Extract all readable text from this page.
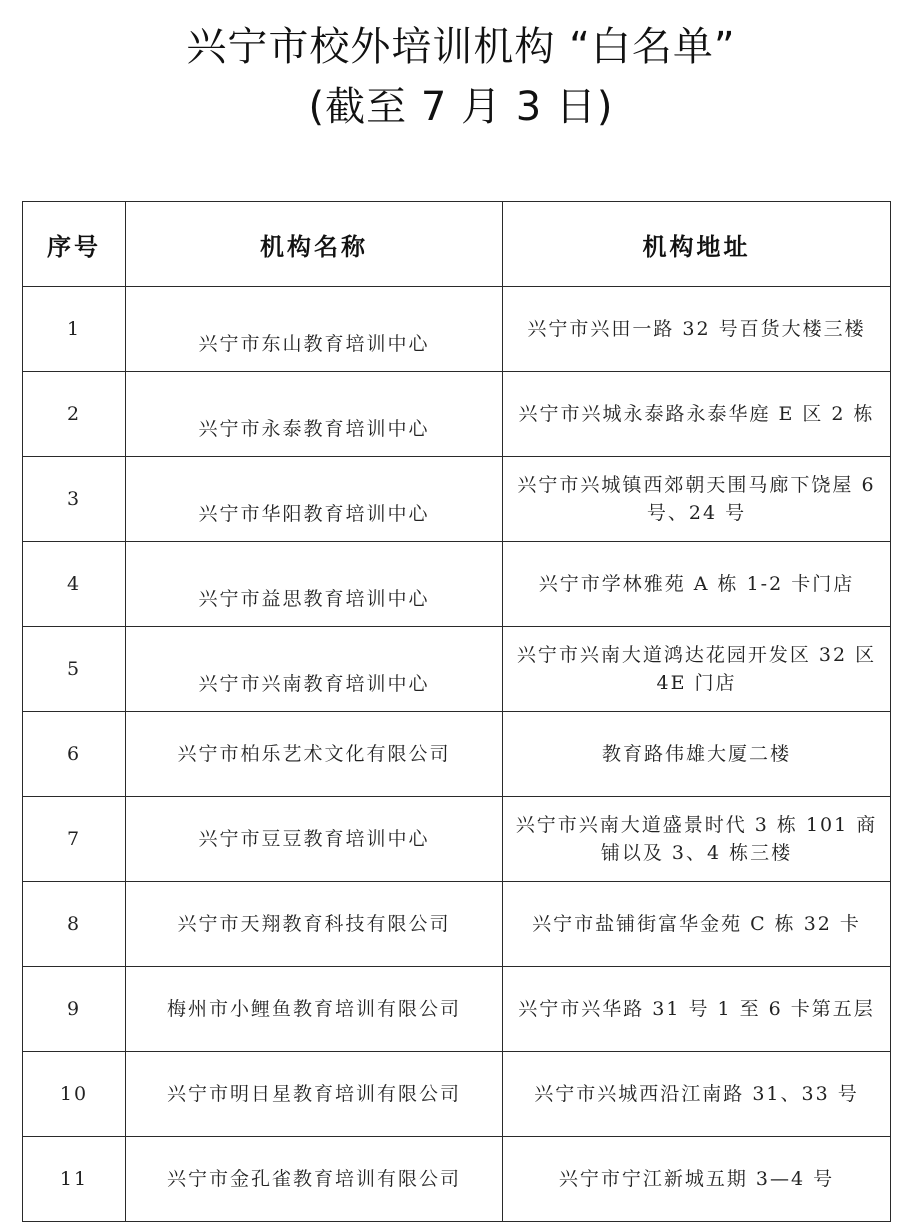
兴宁市校外培训机构 “白名单”
(截至 7 月 3 日)
序号	机构名称	机构地址
1	兴宁市东山教育培训中心	兴宁市兴田一路 32 号百货大楼三楼
2	兴宁市永泰教育培训中心	兴宁市兴城永泰路永泰华庭 E 区 2 栋
3	兴宁市华阳教育培训中心	兴宁市兴城镇西郊朝天围马廊下饶屋 6 号、24 号
4	兴宁市益思教育培训中心	兴宁市学林雅苑 A 栋 1-2 卡门店
5	兴宁市兴南教育培训中心	兴宁市兴南大道鸿达花园开发区 32 区 4E 门店
6	兴宁市柏乐艺术文化有限公司	教育路伟雄大厦二楼
7	兴宁市豆豆教育培训中心	兴宁市兴南大道盛景时代 3 栋 101 商铺以及 3、4 栋三楼
8	兴宁市天翔教育科技有限公司	兴宁市盐铺街富华金苑 C 栋 32 卡
9	梅州市小鲤鱼教育培训有限公司	兴宁市兴华路 31 号 1 至 6 卡第五层
10	兴宁市明日星教育培训有限公司	兴宁市兴城西沿江南路 31、33 号
11	兴宁市金孔雀教育培训有限公司	兴宁市宁江新城五期 3—4 号
